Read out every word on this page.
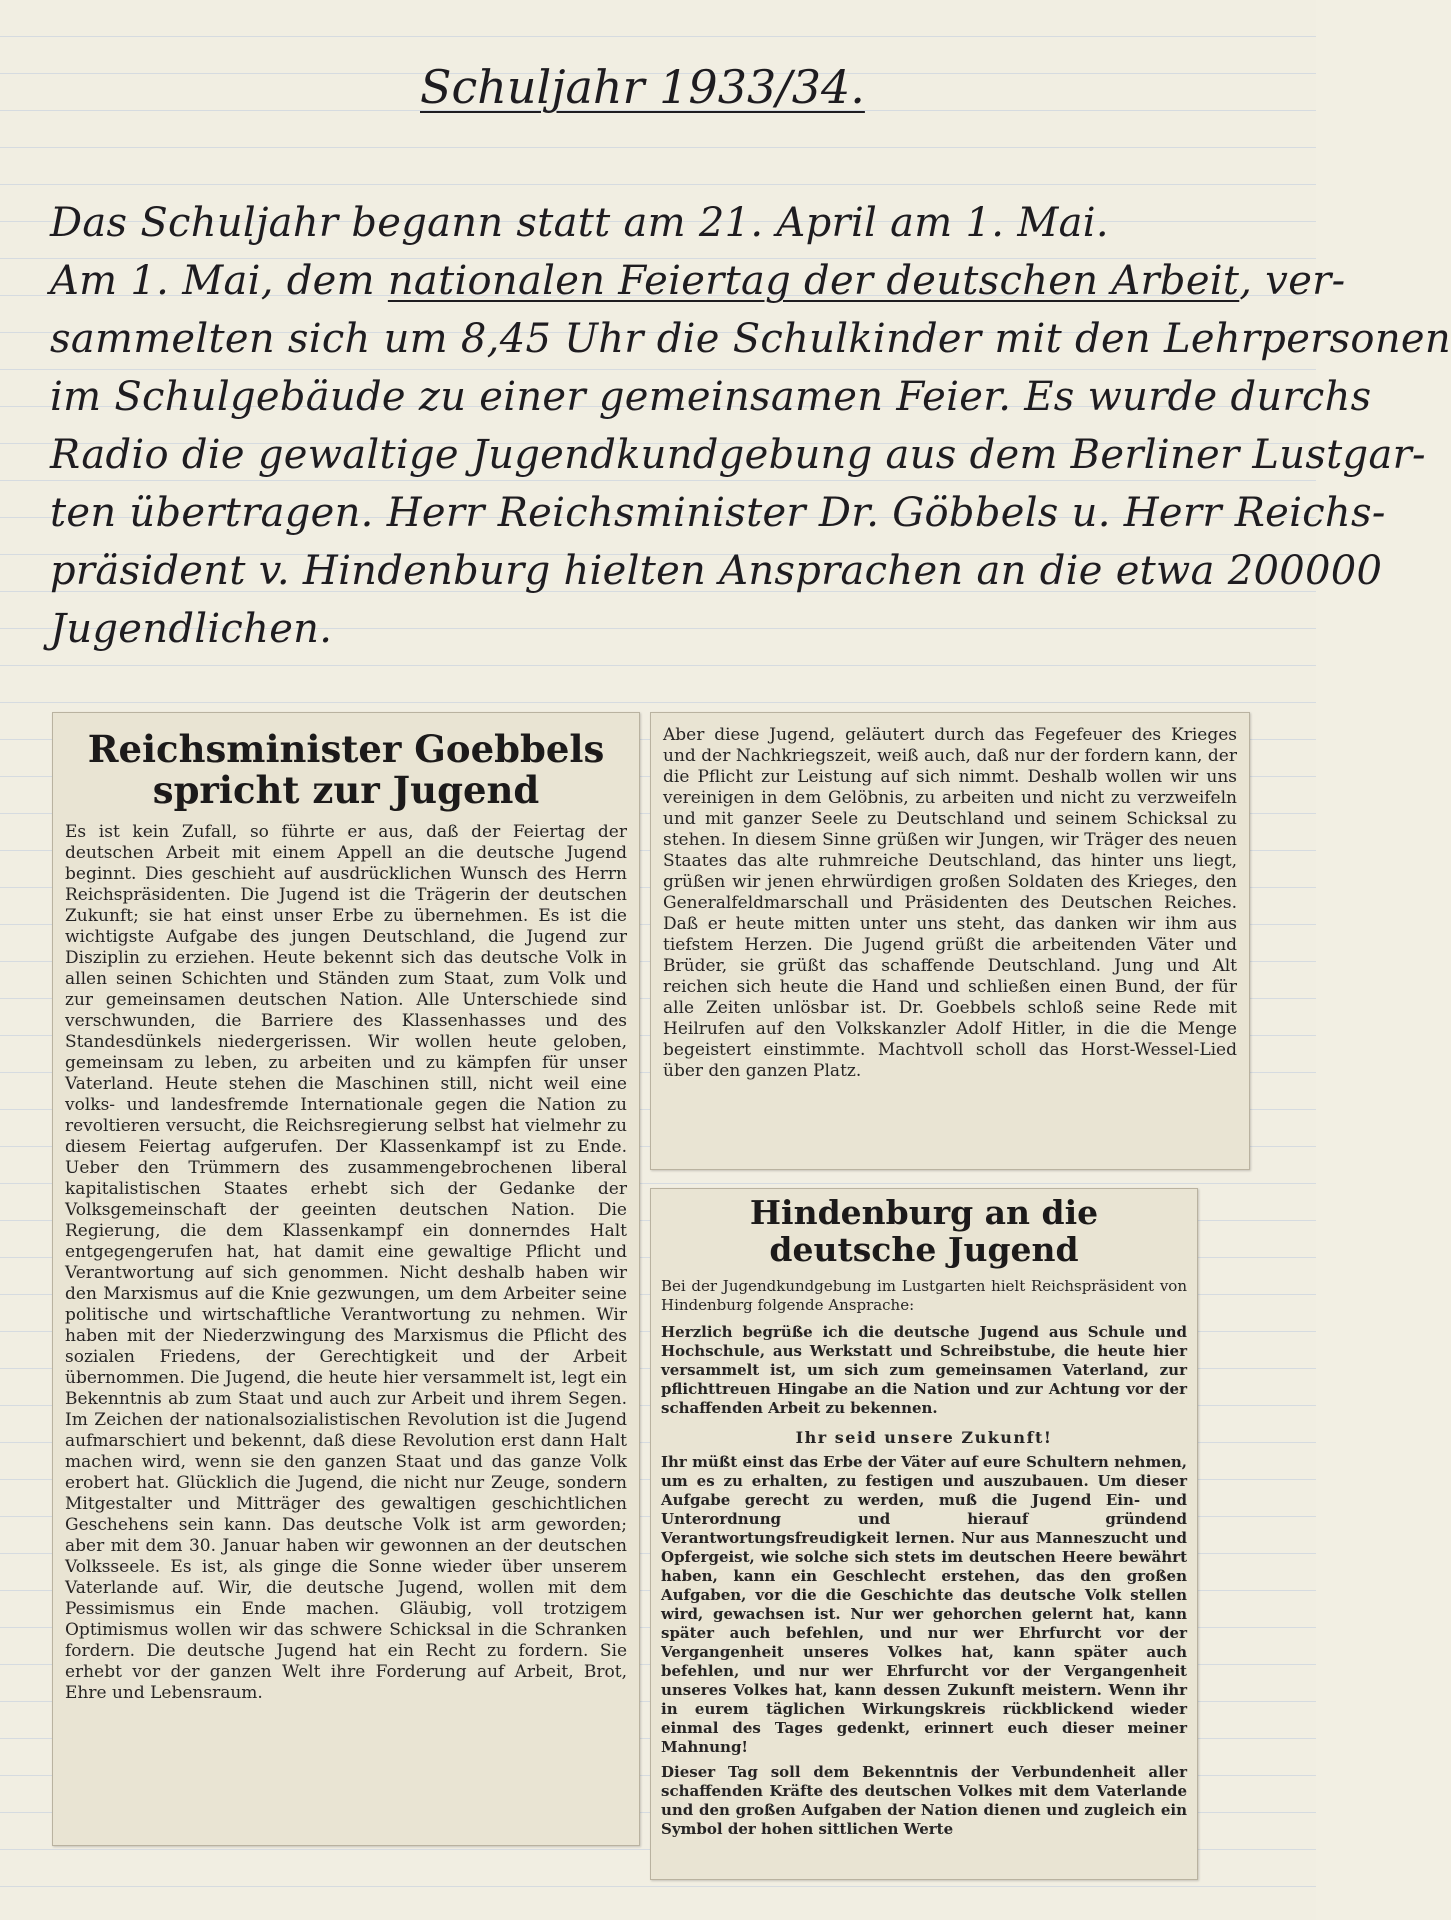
Schuljahr 1933/34.

Das Schuljahr begann statt am 21. April am 1. Mai.

Am 1. Mai, dem nationalen Feiertag der deutschen Arbeit, ver-

sammelten sich um 8,45 Uhr die Schulkinder mit den Lehrpersonen

im Schulgebäude zu einer gemeinsamen Feier. Es wurde durchs

Radio die gewaltige Jugendkundgebung aus dem Berliner Lustgar-

ten übertragen. Herr Reichsminister Dr. Göbbels u. Herr Reichs-

präsident v. Hindenburg hielten Ansprachen an die etwa 200000

Jugendlichen.

Reichsminister Goebbels spricht zur Jugend

Es ist kein Zufall, so führte er aus, daß der Feiertag der deutschen Arbeit mit einem Appell an die deutsche Jugend beginnt. Dies geschieht auf ausdrücklichen Wunsch des Herrn Reichspräsidenten. Die Jugend ist die Trägerin der deutschen Zukunft; sie hat einst unser Erbe zu übernehmen. Es ist die wichtigste Aufgabe des jungen Deutschland, die Jugend zur Disziplin zu erziehen. Heute bekennt sich das deutsche Volk in allen seinen Schichten und Ständen zum Staat, zum Volk und zur gemeinsamen deutschen Nation. Alle Unterschiede sind verschwunden, die Barriere des Klassenhasses und des Standesdünkels niedergerissen. Wir wollen heute geloben, gemeinsam zu leben, zu arbeiten und zu kämpfen für unser Vaterland. Heute stehen die Maschinen still, nicht weil eine volks- und landesfremde Internationale gegen die Nation zu revoltieren versucht, die Reichsregierung selbst hat vielmehr zu diesem Feiertag aufgerufen. Der Klassenkampf ist zu Ende. Ueber den Trümmern des zusammengebrochenen liberal kapitalistischen Staates erhebt sich der Gedanke der Volksgemeinschaft der geeinten deutschen Nation. Die Regierung, die dem Klassenkampf ein donnerndes Halt entgegengerufen hat, hat damit eine gewaltige Pflicht und Verantwortung auf sich genommen. Nicht deshalb haben wir den Marxismus auf die Knie gezwungen, um dem Arbeiter seine politische und wirtschaftliche Verantwortung zu nehmen. Wir haben mit der Niederzwingung des Marxismus die Pflicht des sozialen Friedens, der Gerechtigkeit und der Arbeit übernommen. Die Jugend, die heute hier versammelt ist, legt ein Bekenntnis ab zum Staat und auch zur Arbeit und ihrem Segen. Im Zeichen der nationalsozialistischen Revolution ist die Jugend aufmarschiert und bekennt, daß diese Revolution erst dann Halt machen wird, wenn sie den ganzen Staat und das ganze Volk erobert hat. Glücklich die Jugend, die nicht nur Zeuge, sondern Mitgestalter und Mitträger des gewaltigen geschichtlichen Geschehens sein kann. Das deutsche Volk ist arm geworden; aber mit dem 30. Januar haben wir gewonnen an der deutschen Volksseele. Es ist, als ginge die Sonne wieder über unserem Vaterlande auf. Wir, die deutsche Jugend, wollen mit dem Pessimismus ein Ende machen. Gläubig, voll trotzigem Optimismus wollen wir das schwere Schicksal in die Schranken fordern. Die deutsche Jugend hat ein Recht zu fordern. Sie erhebt vor der ganzen Welt ihre Forderung auf Arbeit, Brot, Ehre und Lebensraum.

Aber diese Jugend, geläutert durch das Fegefeuer des Krieges und der Nachkriegszeit, weiß auch, daß nur der fordern kann, der die Pflicht zur Leistung auf sich nimmt. Deshalb wollen wir uns vereinigen in dem Gelöbnis, zu arbeiten und nicht zu verzweifeln und mit ganzer Seele zu Deutschland und seinem Schicksal zu stehen. In diesem Sinne grüßen wir Jungen, wir Träger des neuen Staates das alte ruhmreiche Deutschland, das hinter uns liegt, grüßen wir jenen ehrwürdigen großen Soldaten des Krieges, den Generalfeldmarschall und Präsidenten des Deutschen Reiches. Daß er heute mitten unter uns steht, das danken wir ihm aus tiefstem Herzen. Die Jugend grüßt die arbeitenden Väter und Brüder, sie grüßt das schaffende Deutschland. Jung und Alt reichen sich heute die Hand und schließen einen Bund, der für alle Zeiten unlösbar ist. Dr. Goebbels schloß seine Rede mit Heilrufen auf den Volkskanzler Adolf Hitler, in die die Menge begeistert einstimmte. Machtvoll scholl das Horst-Wessel-Lied über den ganzen Platz.

Hindenburg an die deutsche Jugend

Bei der Jugendkundgebung im Lustgarten hielt Reichspräsident von Hindenburg folgende Ansprache:

Herzlich begrüße ich die deutsche Jugend aus Schule und Hochschule, aus Werkstatt und Schreibstube, die heute hier versammelt ist, um sich zum gemeinsamen Vaterland, zur pflichttreuen Hingabe an die Nation und zur Achtung vor der schaffenden Arbeit zu bekennen.

Ihr seid unsere Zukunft!

Ihr müßt einst das Erbe der Väter auf eure Schultern nehmen, um es zu erhalten, zu festigen und auszubauen. Um dieser Aufgabe gerecht zu werden, muß die Jugend Ein- und Unterordnung und hierauf gründend Verantwortungsfreudigkeit lernen. Nur aus Manneszucht und Opfergeist, wie solche sich stets im deutschen Heere bewährt haben, kann ein Geschlecht erstehen, das den großen Aufgaben, vor die die Geschichte das deutsche Volk stellen wird, gewachsen ist. Nur wer gehorchen gelernt hat, kann später auch befehlen, und nur wer Ehrfurcht vor der Vergangenheit unseres Volkes hat, kann später auch befehlen, und nur wer Ehrfurcht vor der Vergangenheit unseres Volkes hat, kann dessen Zukunft meistern. Wenn ihr in eurem täglichen Wirkungskreis rückblickend wieder einmal des Tages gedenkt, erinnert euch dieser meiner Mahnung!

Dieser Tag soll dem Bekenntnis der Verbundenheit aller schaffenden Kräfte des deutschen Volkes mit dem Vaterlande und den großen Aufgaben der Nation dienen und zugleich ein Symbol der hohen sittlichen Werte
